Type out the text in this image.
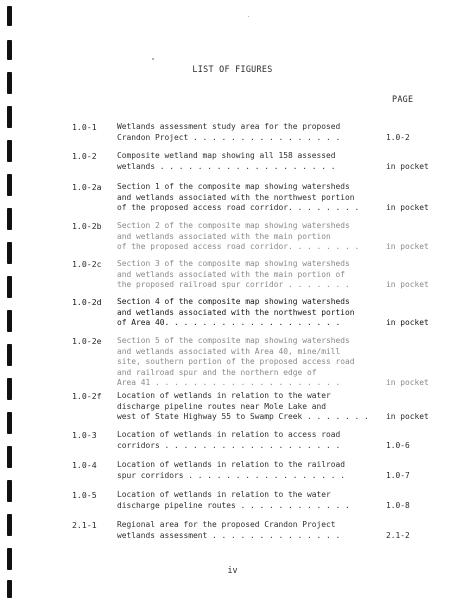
LIST OF FIGURES
PAGE
1.0-1	Wetlands assessment study area for the proposed
Crandon Project . . . . . . . . . . . . . . . .	1.0-2
1.0-2	Composite wetland map showing all 158 assessed
wetlands . . . . . . . . . . . . . . . . . . .	in pocket
1.0-2a Section 1 of the composite map showing watersheds
and wetlands associated with the northwest portion
of the proposed access road corridor. . . . . . . .	in pocket
1.0-2b Section 2 of the composite map showing watersheds
and wetlands associated with the main portion
of the proposed access road corridor. . . . . . . .	in pocket
1.0-2c Section 3 of the composite map showing watersheds
and wetlands associated with the main portion of
the proposed railroad spur corridor . . . . . . .	in pocket
1.0-2d Section 4 of the composite map showing watersheds
and wetlands associated with the northwest portion
of Area 40. . . . . . . . . . . . . . . . . . .	in pocket
1.0-2e Section 5 of the composite map showing watersheds
and wetlands associated with Area 40, mine/mill
site, southern portion of the proposed access road
and railroad spur and the northern edge of
Area 41 . . . . . . . . . . . . . . . . . . . .	in pocket
1.0-2f Location of wetlands in relation to the water
discharge pipeline routes near Mole Lake and
west of State Highway 55 to Swamp Creek . . . . . . .	in pocket
1.0-3	Location of wetlands in relation to access road
corridors . . . . . . . . . . . . . . . . . . .	1.0-6
1.0-4	Location of wetlands in relation to the railroad
spur corridors . . . . . . . . . . . . . . . . .	1.0-7
1.0-5	Location of wetlands in relation to the water
discharge pipeline routes . . . . . . . . . . . .	1.0-8
2.1-1	Regional area for the proposed Crandon Project
wetlands assessment . . . . . . . . . . . . . .	2.1-2
iv
